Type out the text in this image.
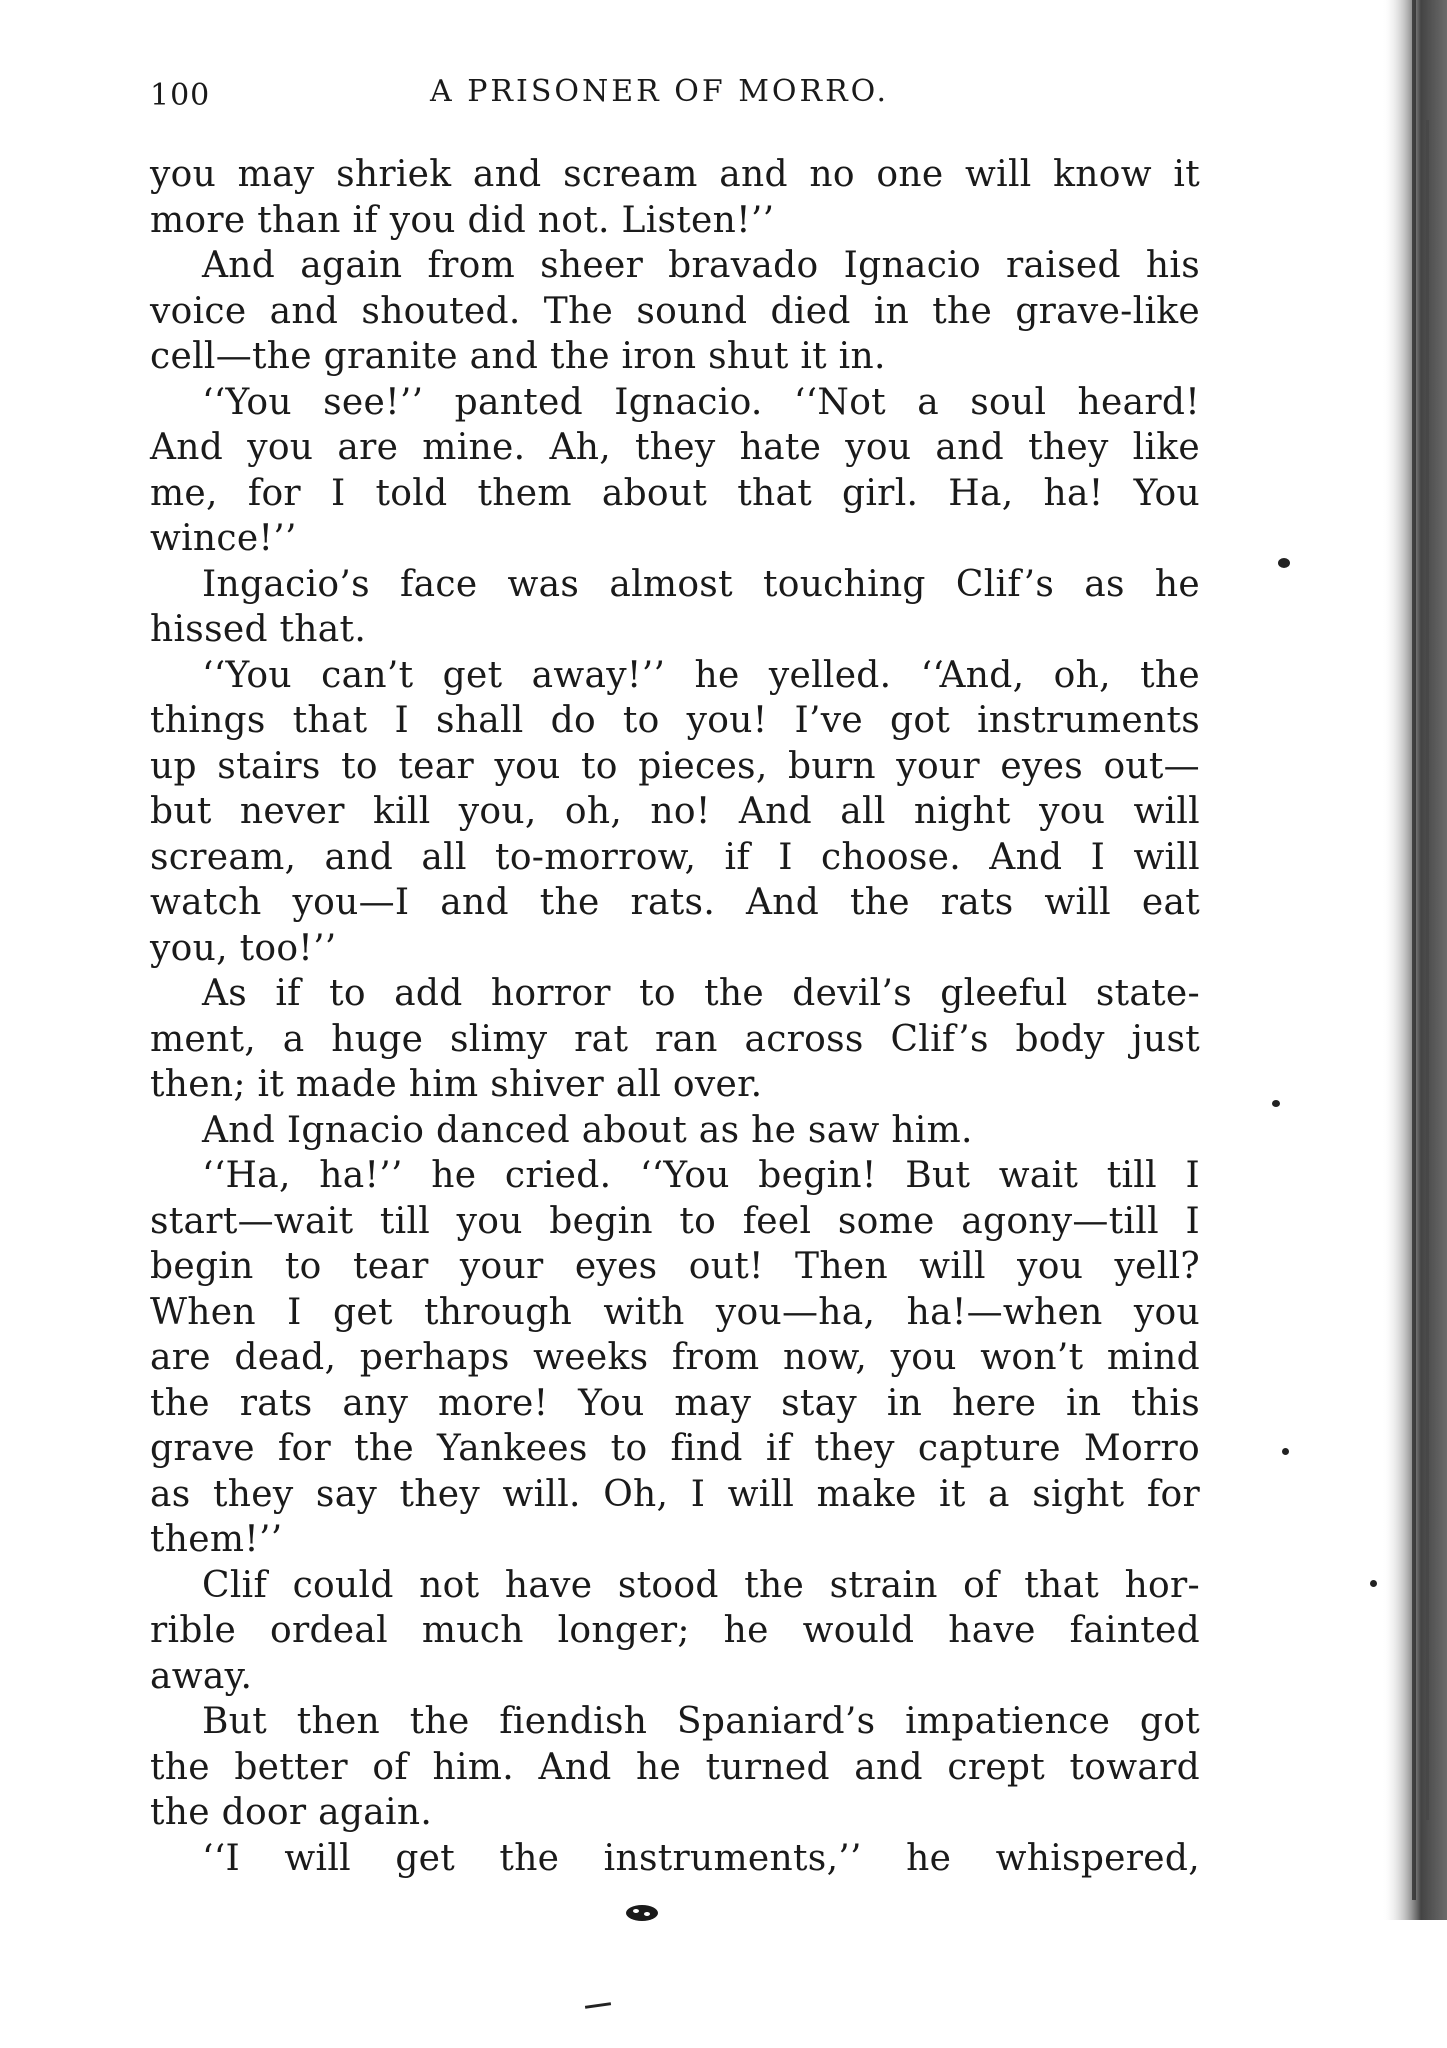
100	A PRISONER OF MORRO.
you may shriek and scream and no one will know it
more than if you did not. Listen!’’
And again from sheer bravado Ignacio raised his
voice and shouted. The sound died in the grave-like
cell—the granite and the iron shut it in.
‘‘You see!’’ panted Ignacio. ‘‘Not a soul heard!
And you are mine. Ah, they hate you and they like
me, for I told them about that girl. Ha, ha! You
wince!’’
Ingacio’s face was almost touching Clif’s as he
hissed that.
‘‘You can’t get away!’’ he yelled. ‘‘And, oh, the
things that I shall do to you! I’ve got instruments
up stairs to tear you to pieces, burn your eyes out—
but never kill you, oh, no! And all night you will
scream, and all to-morrow, if I choose. And I will
watch you—I and the rats. And the rats will eat
you, too!’’
As if to add horror to the devil’s gleeful state-
ment, a huge slimy rat ran across Clif’s body just
then; it made him shiver all over.
And Ignacio danced about as he saw him.
‘‘Ha, ha!’’ he cried. ‘‘You begin! But wait till I
start—wait till you begin to feel some agony—till I
begin to tear your eyes out! Then will you yell?
When I get through with you—ha, ha!—when you
are dead, perhaps weeks from now, you won’t mind
the rats any more! You may stay in here in this
grave for the Yankees to find if they capture Morro
as they say they will. Oh, I will make it a sight for
them!’’
Clif could not have stood the strain of that hor-
rible ordeal much longer; he would have fainted
away.
But then the fiendish Spaniard’s impatience got
the better of him. And he turned and crept toward
the door again.
‘‘I will get the instruments,’’ he whispered,
